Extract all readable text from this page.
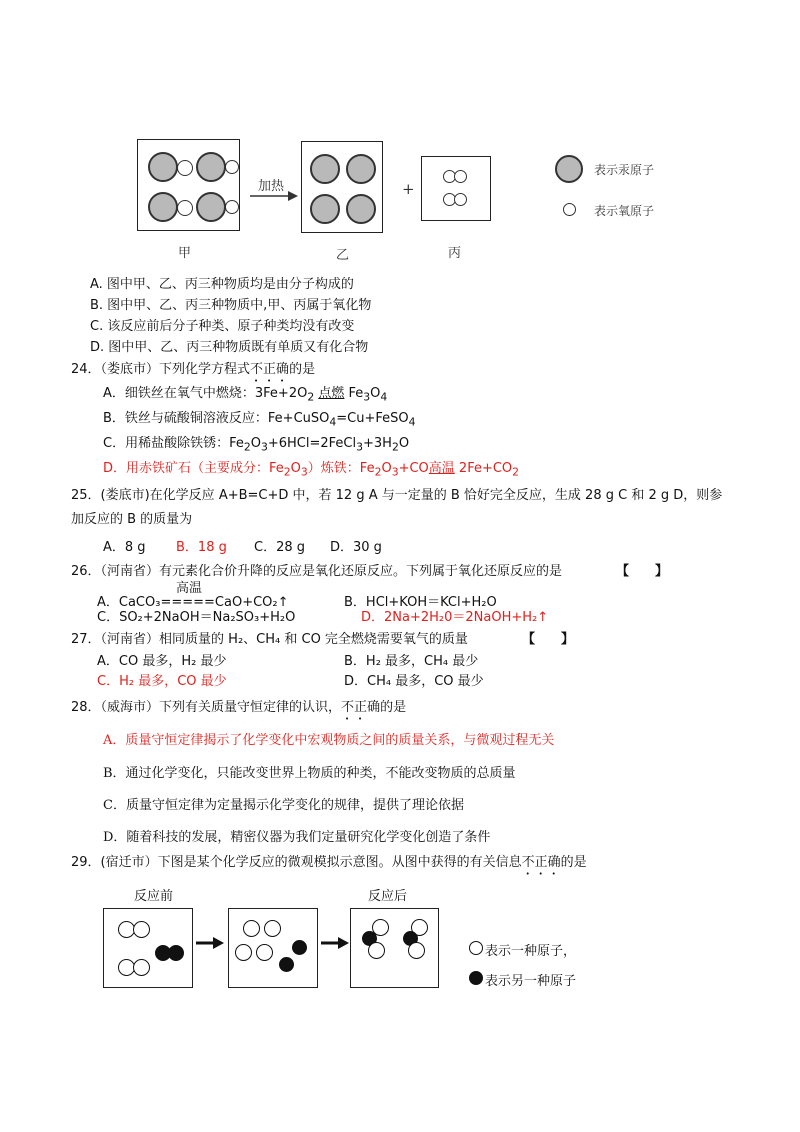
加热	+
甲	乙	丙
表示汞原子
表示氧原子
A. 图中甲、乙、丙三种物质均是由分子构成的
B. 图中甲、乙、丙三种物质中,甲、丙属于氧化物
C. 该反应前后分子种类、原子种类均没有改变
D. 图中甲、乙、丙三种物质既有单质又有化合物
24．（娄底市）下列化学方程式不正确的是
A．细铁丝在氧气中燃烧：$3Fe+2O_2$ 点燃 $Fe_3O_4$
B．铁丝与硫酸铜溶液反应：Fe+CuSO$_4$=Cu+FeSO$_4$
C．用稀盐酸除铁锈：$Fe_2O_3+6HCl=2FeCl_3+3H_2O$
D．用赤铁矿石（主要成分：$Fe_2O_3$）炼铁：$Fe_2O_3+CO$高温 $2Fe+CO_2$
25．(娄底市)在化学反应 A+B=C+D 中，若 12 g A 与一定量的 B 恰好完全反应，生成 28 g C 和 2 g D，则参
加反应的 B 的质量为
A．8 g B．18 g C．28 g D．30 g
26．（河南省）有元素化合价升降的反应是氧化还原反应。下列属于氧化还原反应的是	【　　】
高温
A．CaCO₃=====CaO+CO₂↑	B．HCl+KOH＝KCl+H₂O
C．SO₂+2NaOH＝Na₂SO₃+H₂O	D．2Na+2H₂0＝2NaOH+H₂↑
27．（河南省）相同质量的 H₂、CH₄ 和 CO 完全燃烧需要氧气的质量	【　　】
A．CO 最多，H₂ 最少	B．H₂ 最多，CH₄ 最少
C．H₂ 最多，CO 最少	D．CH₄ 最多，CO 最少
28．（威海市）下列有关质量守恒定律的认识，不正确的是
A．质量守恒定律揭示了化学变化中宏观物质之间的质量关系，与微观过程无关
B．通过化学变化，只能改变世界上物质的种类，不能改变物质的总质量
C．质量守恒定律为定量揭示化学变化的规律，提供了理论依据
D．随着科技的发展，精密仪器为我们定量研究化学变化创造了条件
29．(宿迁市）下图是某个化学反应的微观模拟示意图。从图中获得的有关信息不正确的是
反应前	反应后
表示一种原子，
表示另一种原子
